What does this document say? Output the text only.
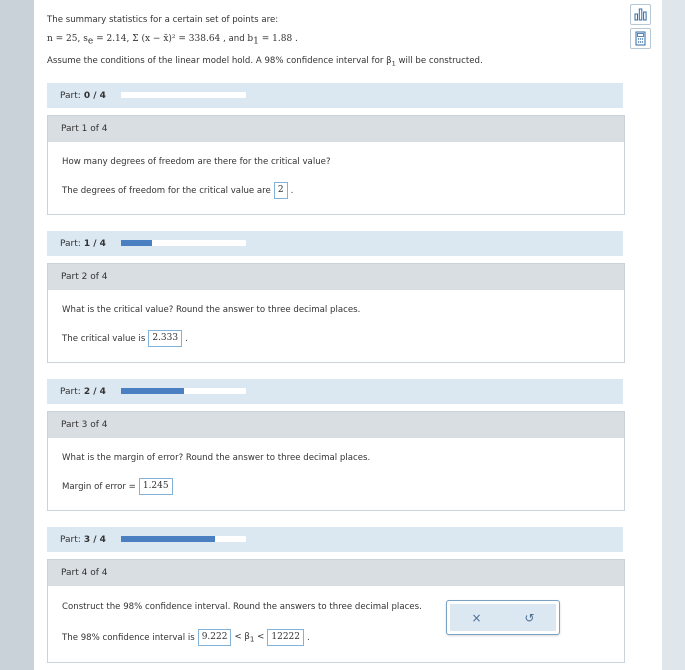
The summary statistics for a certain set of points are:
n = 25, $s_e = 2.14$, Σ (x − x̄)² = 338.64 , and $b_1 = 1.88$ .
Assume the conditions of the linear model hold. A 98% confidence interval for $\beta_1$ will be constructed.
Part: 0 / 4
Part 1 of 4
How many degrees of freedom are there for the critical value?
The degrees of freedom for the critical value are 2 .
Part: 1 / 4
Part 2 of 4
What is the critical value? Round the answer to three decimal places.
The critical value is 2.333 .
Part: 2 / 4
Part 3 of 4
What is the margin of error? Round the answer to three decimal places.
Margin of error = 1.245
Part: 3 / 4
Part 4 of 4
Construct the 98% confidence interval. Round the answers to three decimal places.
The 98% confidence interval is $9.222 < \beta_1 < 12222$ .
×	↺
